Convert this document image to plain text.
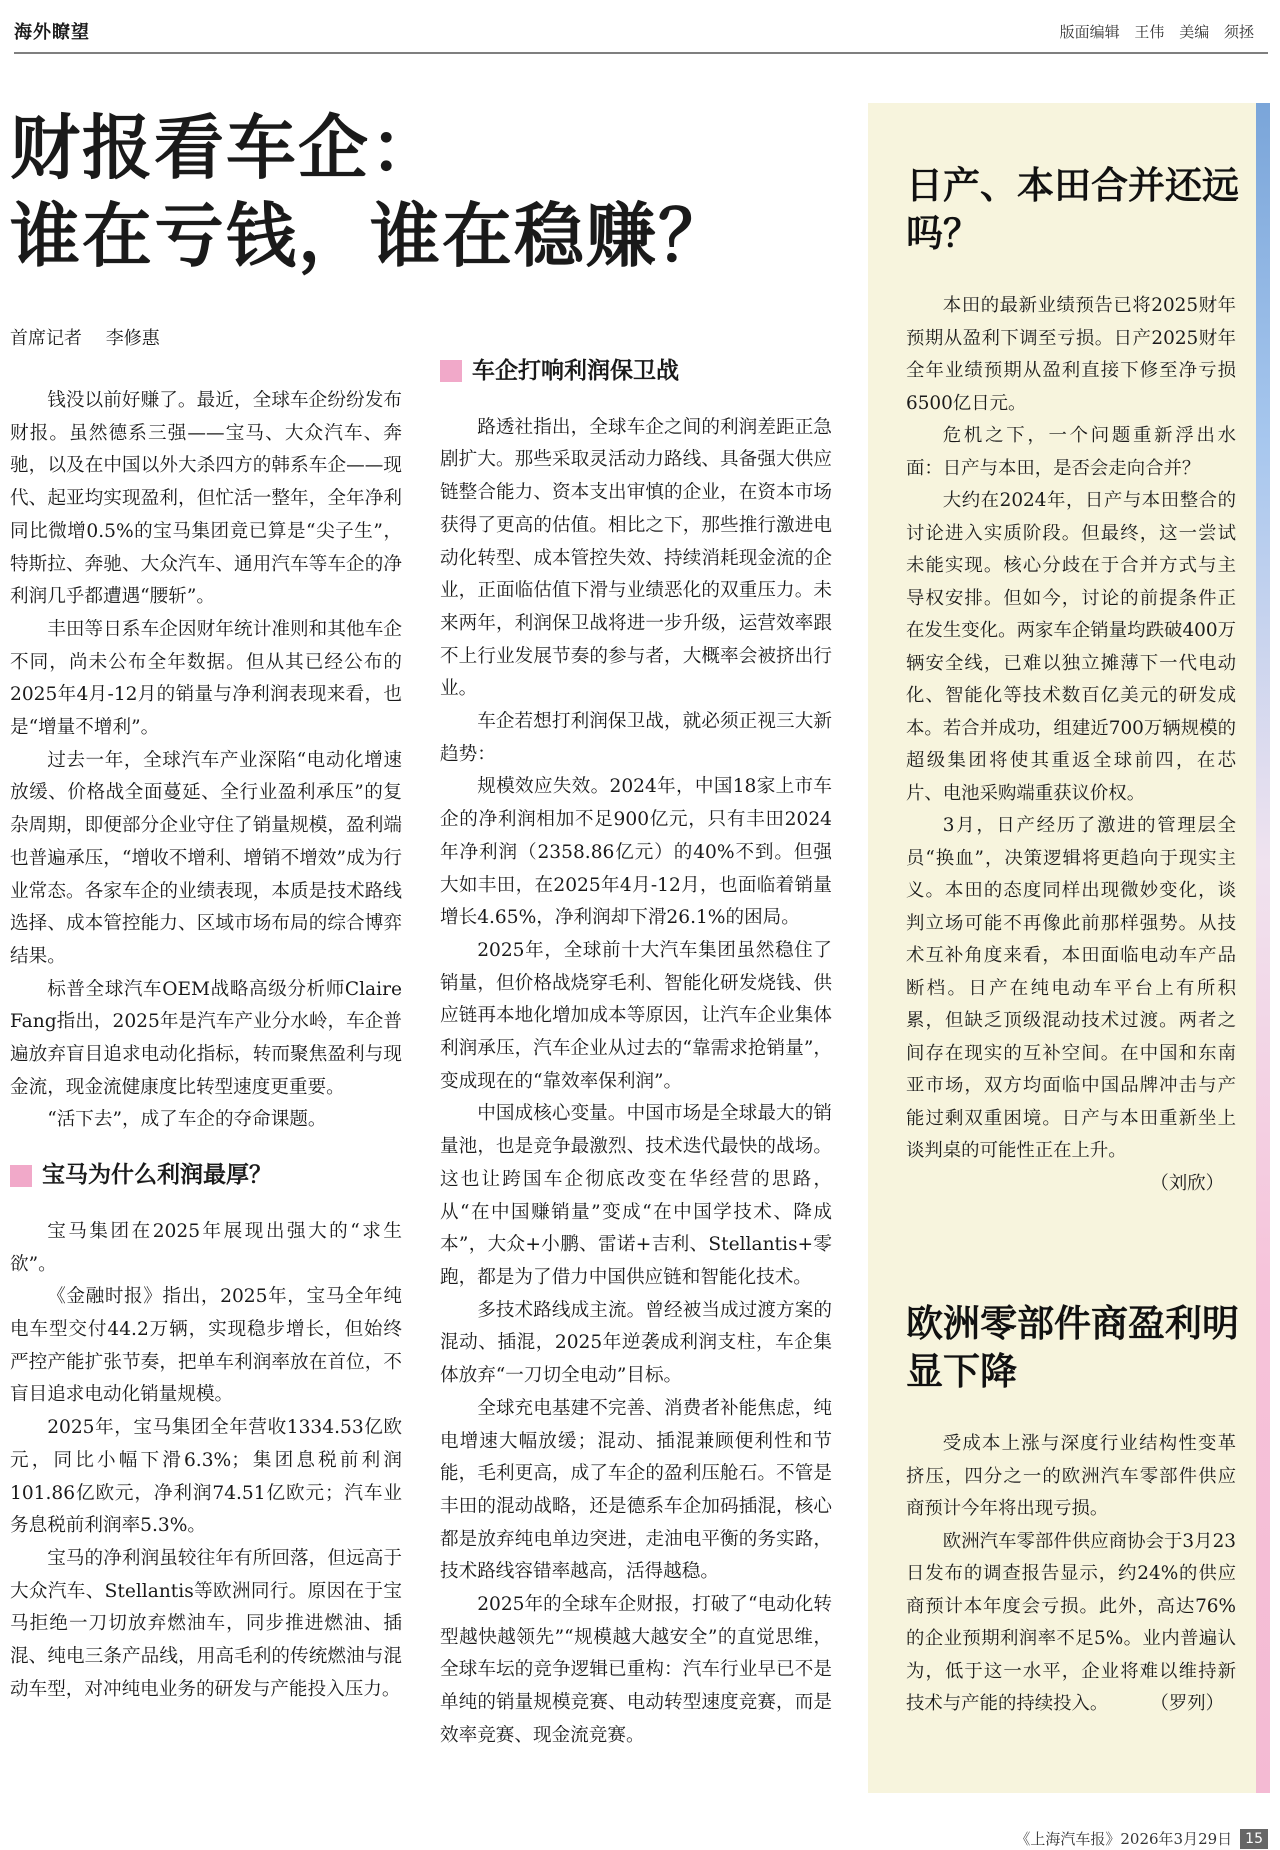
海外瞭望	版面编辑 王伟 美编 须拯
财报看车企：
谁在亏钱，谁在稳赚？
首席记者 李修惠

钱没以前好赚了。最近，全球车企纷纷发布财报。虽然德系三强——宝马、大众汽车、奔驰，以及在中国以外大杀四方的韩系车企——现代、起亚均实现盈利，但忙活一整年，全年净利同比微增0.5%的宝马集团竟已算是“尖子生”，特斯拉、奔驰、大众汽车、通用汽车等车企的净利润几乎都遭遇“腰斩”。

丰田等日系车企因财年统计准则和其他车企不同，尚未公布全年数据。但从其已经公布的2025年4月-12月的销量与净利润表现来看，也是“增量不增利”。

过去一年，全球汽车产业深陷“电动化增速放缓、价格战全面蔓延、全行业盈利承压”的复杂周期，即便部分企业守住了销量规模，盈利端也普遍承压，“增收不增利、增销不增效”成为行业常态。各家车企的业绩表现，本质是技术路线选择、成本管控能力、区域市场布局的综合博弈结果。

标普全球汽车OEM战略高级分析师Claire Fang指出，2025年是汽车产业分水岭，车企普遍放弃盲目追求电动化指标，转而聚焦盈利与现金流，现金流健康度比转型速度更重要。

“活下去”，成了车企的夺命课题。

宝马为什么利润最厚？

宝马集团在2025年展现出强大的“求生欲”。

《金融时报》指出，2025年，宝马全年纯电车型交付44.2万辆，实现稳步增长，但始终严控产能扩张节奏，把单车利润率放在首位，不盲目追求电动化销量规模。

2025年，宝马集团全年营收1334.53亿欧元，同比小幅下滑6.3%；集团息税前利润101.86亿欧元，净利润74.51亿欧元；汽车业务息税前利润率5.3%。

宝马的净利润虽较往年有所回落，但远高于大众汽车、Stellantis等欧洲同行。原因在于宝马拒绝一刀切放弃燃油车，同步推进燃油、插混、纯电三条产品线，用高毛利的传统燃油与混动车型，对冲纯电业务的研发与产能投入压力。

车企打响利润保卫战

路透社指出，全球车企之间的利润差距正急剧扩大。那些采取灵活动力路线、具备强大供应链整合能力、资本支出审慎的企业，在资本市场获得了更高的估值。相比之下，那些推行激进电动化转型、成本管控失效、持续消耗现金流的企业，正面临估值下滑与业绩恶化的双重压力。未来两年，利润保卫战将进一步升级，运营效率跟不上行业发展节奏的参与者，大概率会被挤出行业。

车企若想打利润保卫战，就必须正视三大新趋势：

规模效应失效。2024年，中国18家上市车企的净利润相加不足900亿元，只有丰田2024年净利润（2358.86亿元）的40%不到。但强大如丰田，在2025年4月-12月，也面临着销量增长4.65%，净利润却下滑26.1%的困局。

2025年，全球前十大汽车集团虽然稳住了销量，但价格战烧穿毛利、智能化研发烧钱、供应链再本地化增加成本等原因，让汽车企业集体利润承压，汽车企业从过去的“靠需求抢销量”，变成现在的“靠效率保利润”。

中国成核心变量。中国市场是全球最大的销量池，也是竞争最激烈、技术迭代最快的战场。这也让跨国车企彻底改变在华经营的思路，从“在中国赚销量”变成“在中国学技术、降成本”，大众+小鹏、雷诺+吉利、Stellantis+零跑，都是为了借力中国供应链和智能化技术。

多技术路线成主流。曾经被当成过渡方案的混动、插混，2025年逆袭成利润支柱，车企集体放弃“一刀切全电动”目标。

全球充电基建不完善、消费者补能焦虑，纯电增速大幅放缓；混动、插混兼顾便利性和节能，毛利更高，成了车企的盈利压舱石。不管是丰田的混动战略，还是德系车企加码插混，核心都是放弃纯电单边突进，走油电平衡的务实路，技术路线容错率越高，活得越稳。

2025年的全球车企财报，打破了“电动化转型越快越领先”“规模越大越安全”的直觉思维，全球车坛的竞争逻辑已重构：汽车行业早已不是单纯的销量规模竞赛、电动转型速度竞赛，而是效率竞赛、现金流竞赛。

日产、本田合并还远吗？

本田的最新业绩预告已将2025财年预期从盈利下调至亏损。日产2025财年全年业绩预期从盈利直接下修至净亏损6500亿日元。

危机之下，一个问题重新浮出水面：日产与本田，是否会走向合并？

大约在2024年，日产与本田整合的讨论进入实质阶段。但最终，这一尝试未能实现。核心分歧在于合并方式与主导权安排。但如今，讨论的前提条件正在发生变化。两家车企销量均跌破400万辆安全线，已难以独立摊薄下一代电动化、智能化等技术数百亿美元的研发成本。若合并成功，组建近700万辆规模的超级集团将使其重返全球前四，在芯片、电池采购端重获议价权。

3月，日产经历了激进的管理层全员“换血”，决策逻辑将更趋向于现实主义。本田的态度同样出现微妙变化，谈判立场可能不再像此前那样强势。从技术互补角度来看，本田面临电动车产品断档。日产在纯电动车平台上有所积累，但缺乏顶级混动技术过渡。两者之间存在现实的互补空间。在中国和东南亚市场，双方均面临中国品牌冲击与产能过剩双重困境。日产与本田重新坐上谈判桌的可能性正在上升。
（刘欣）

欧洲零部件商盈利明显下降

受成本上涨与深度行业结构性变革挤压，四分之一的欧洲汽车零部件供应商预计今年将出现亏损。

欧洲汽车零部件供应商协会于3月23日发布的调查报告显示，约24%的供应商预计本年度会亏损。此外，高达76%的企业预期利润率不足5%。业内普遍认为，低于这一水平，企业将难以维持新技术与产能的持续投入。	（罗列）

《上海汽车报》2026年3月29日 15
